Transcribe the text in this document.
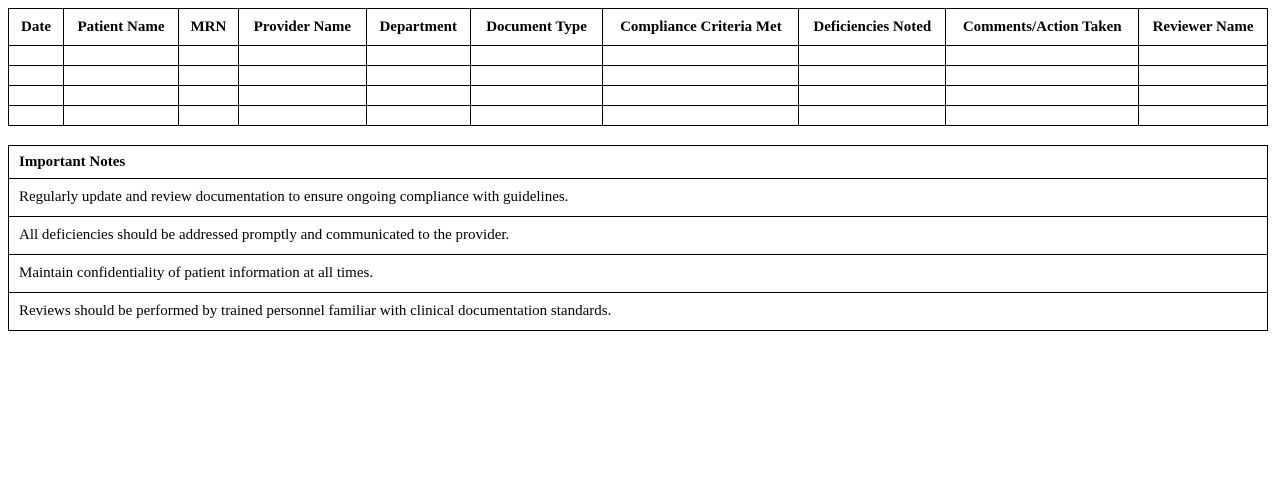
Date	Patient Name	MRN	Provider Name	Department	Document Type	Compliance Criteria Met	Deficiencies Noted	Comments/Action Taken	Reviewer Name

Important Notes
Regularly update and review documentation to ensure ongoing compliance with guidelines.
All deficiencies should be addressed promptly and communicated to the provider.
Maintain confidentiality of patient information at all times.
Reviews should be performed by trained personnel familiar with clinical documentation standards.
